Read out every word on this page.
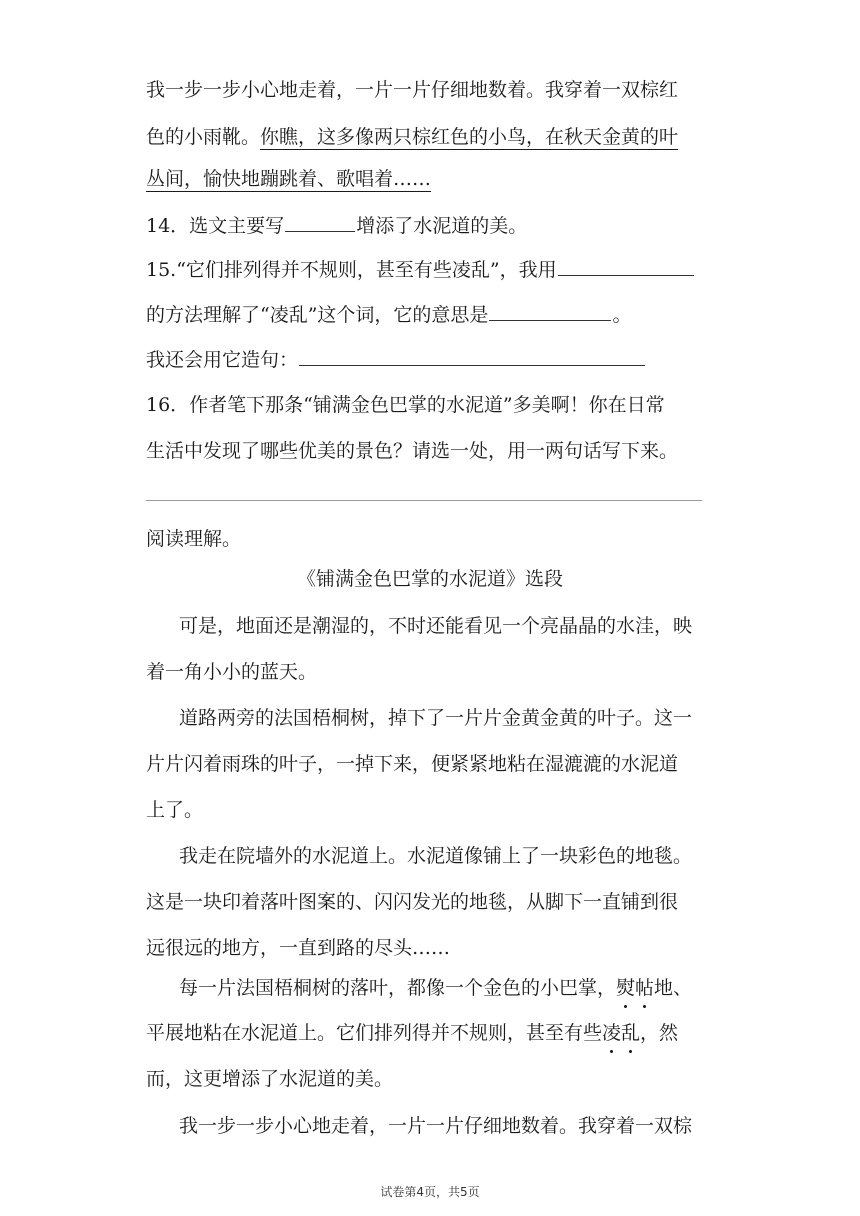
我一步一步小心地走着，一片一片仔细地数着。我穿着一双棕红
色的小雨靴。你瞧，这多像两只棕红色的小鸟，在秋天金黄的叶
丛间，愉快地蹦跳着、歌唱着……
14．选文主要写	增添了水泥道的美。
15.“它们排列得并不规则，甚至有些凌乱”，我用
的方法理解了“凌乱”这个词，它的意思是	。
我还会用它造句：
16．作者笔下那条“铺满金色巴掌的水泥道”多美啊！你在日常
生活中发现了哪些优美的景色？请选一处，用一两句话写下来。
阅读理解。
《铺满金色巴掌的水泥道》选段
可是，地面还是潮湿的，不时还能看见一个亮晶晶的水洼，映
着一角小小的蓝天。
道路两旁的法国梧桐树，掉下了一片片金黄金黄的叶子。这一
片片闪着雨珠的叶子，一掉下来，便紧紧地粘在湿漉漉的水泥道
上了。
我走在院墙外的水泥道上。水泥道像铺上了一块彩色的地毯。
这是一块印着落叶图案的、闪闪发光的地毯，从脚下一直铺到很
远很远的地方，一直到路的尽头……
每一片法国梧桐树的落叶，都像一个金色的小巴掌，熨帖地、
平展地粘在水泥道上。它们排列得并不规则，甚至有些凌乱，然
而，这更增添了水泥道的美。
我一步一步小心地走着，一片一片仔细地数着。我穿着一双棕
试卷第4页，共5页
